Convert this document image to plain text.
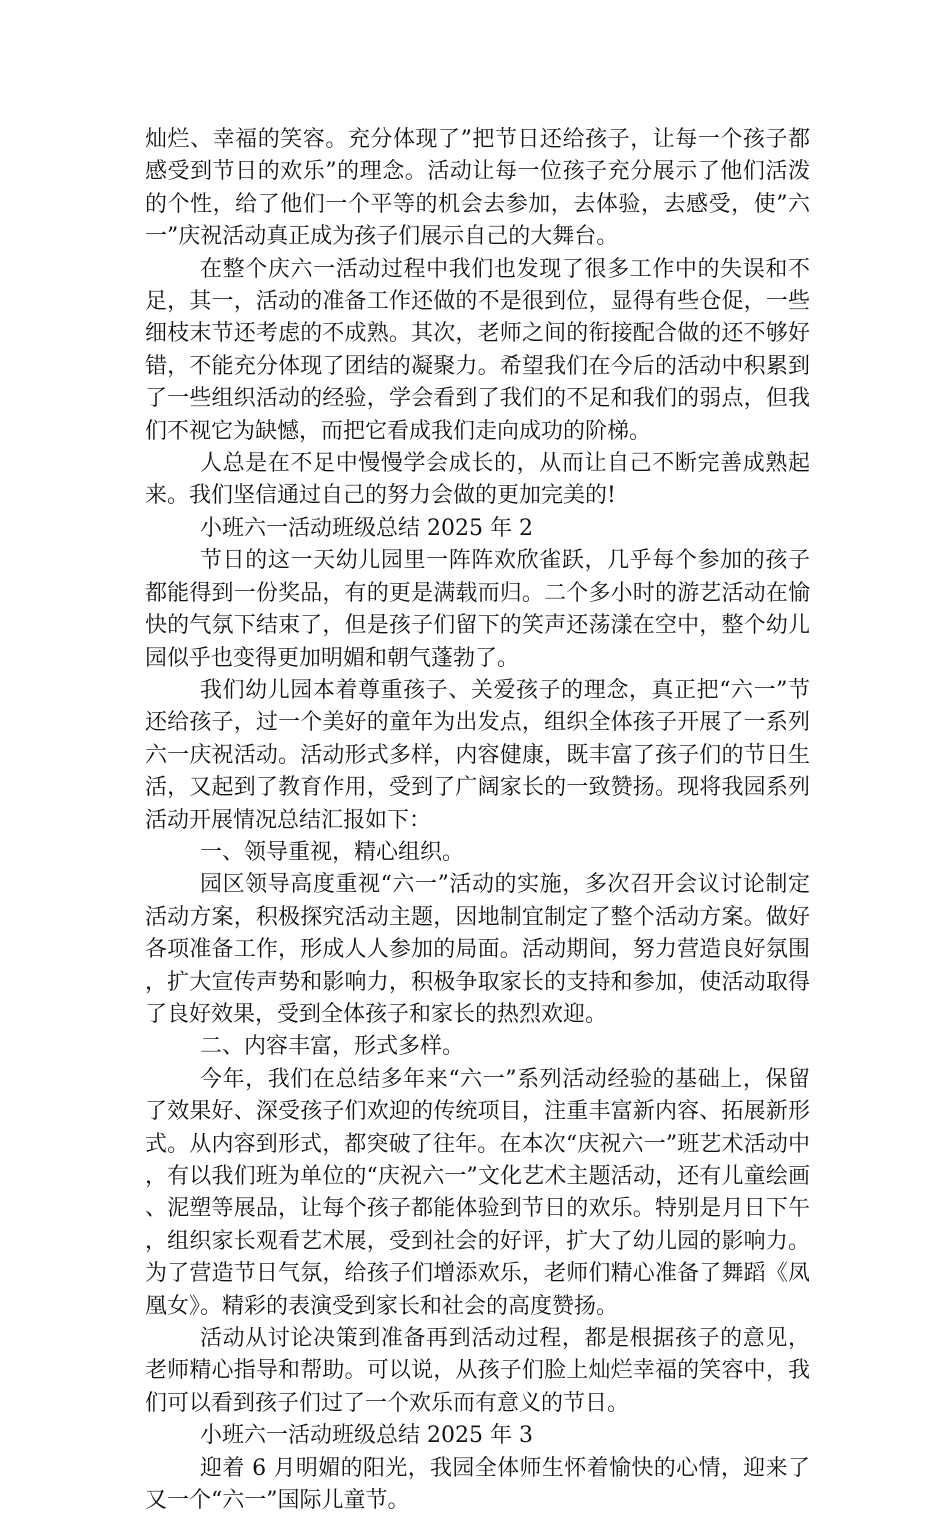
灿烂、幸福的笑容。充分体现了”把节日还给孩子，让每一个孩子都感受到节日的欢乐”的理念。活动让每一位孩子充分展示了他们活泼的个性，给了他们一个平等的机会去参加，去体验，去感受，使”六一”庆祝活动真正成为孩子们展示自己的大舞台。

在整个庆六一活动过程中我们也发现了很多工作中的失误和不足，其一，活动的准备工作还做的不是很到位，显得有些仓促，一些细枝末节还考虑的不成熟。其次，老师之间的衔接配合做的还不够好错，不能充分体现了团结的凝聚力。希望我们在今后的活动中积累到了一些组织活动的经验，学会看到了我们的不足和我们的弱点，但我们不视它为缺憾，而把它看成我们走向成功的阶梯。

人总是在不足中慢慢学会成长的，从而让自己不断完善成熟起来。我们坚信通过自己的努力会做的更加完美的!

小班六一活动班级总结 2025 年 2

节日的这一天幼儿园里一阵阵欢欣雀跃，几乎每个参加的孩子都能得到一份奖品，有的更是满载而归。二个多小时的游艺活动在愉快的气氛下结束了，但是孩子们留下的笑声还荡漾在空中，整个幼儿园似乎也变得更加明媚和朝气蓬勃了。

我们幼儿园本着尊重孩子、关爱孩子的理念，真正把“六一”节还给孩子，过一个美好的童年为出发点，组织全体孩子开展了一系列六一庆祝活动。活动形式多样，内容健康，既丰富了孩子们的节日生活，又起到了教育作用，受到了广阔家长的一致赞扬。现将我园系列活动开展情况总结汇报如下：

一、领导重视，精心组织。

园区领导高度重视“六一”活动的实施，多次召开会议讨论制定活动方案，积极探究活动主题，因地制宜制定了整个活动方案。做好各项准备工作，形成人人参加的局面。活动期间，努力营造良好氛围，扩大宣传声势和影响力，积极争取家长的支持和参加，使活动取得了良好效果，受到全体孩子和家长的热烈欢迎。

二、内容丰富，形式多样。

今年，我们在总结多年来“六一”系列活动经验的基础上，保留了效果好、深受孩子们欢迎的传统项目，注重丰富新内容、拓展新形式。从内容到形式，都突破了往年。在本次“庆祝六一”班艺术活动中，有以我们班为单位的“庆祝六一”文化艺术主题活动，还有儿童绘画、泥塑等展品，让每个孩子都能体验到节日的欢乐。特别是月日下午，组织家长观看艺术展，受到社会的好评，扩大了幼儿园的影响力。为了营造节日气氛，给孩子们增添欢乐，老师们精心准备了舞蹈《凤凰女》。精彩的表演受到家长和社会的高度赞扬。

活动从讨论决策到准备再到活动过程，都是根据孩子的意见，老师精心指导和帮助。可以说，从孩子们脸上灿烂幸福的笑容中，我们可以看到孩子们过了一个欢乐而有意义的节日。

小班六一活动班级总结 2025 年 3

迎着 6 月明媚的阳光，我园全体师生怀着愉快的心情，迎来了又一个“六一”国际儿童节。
